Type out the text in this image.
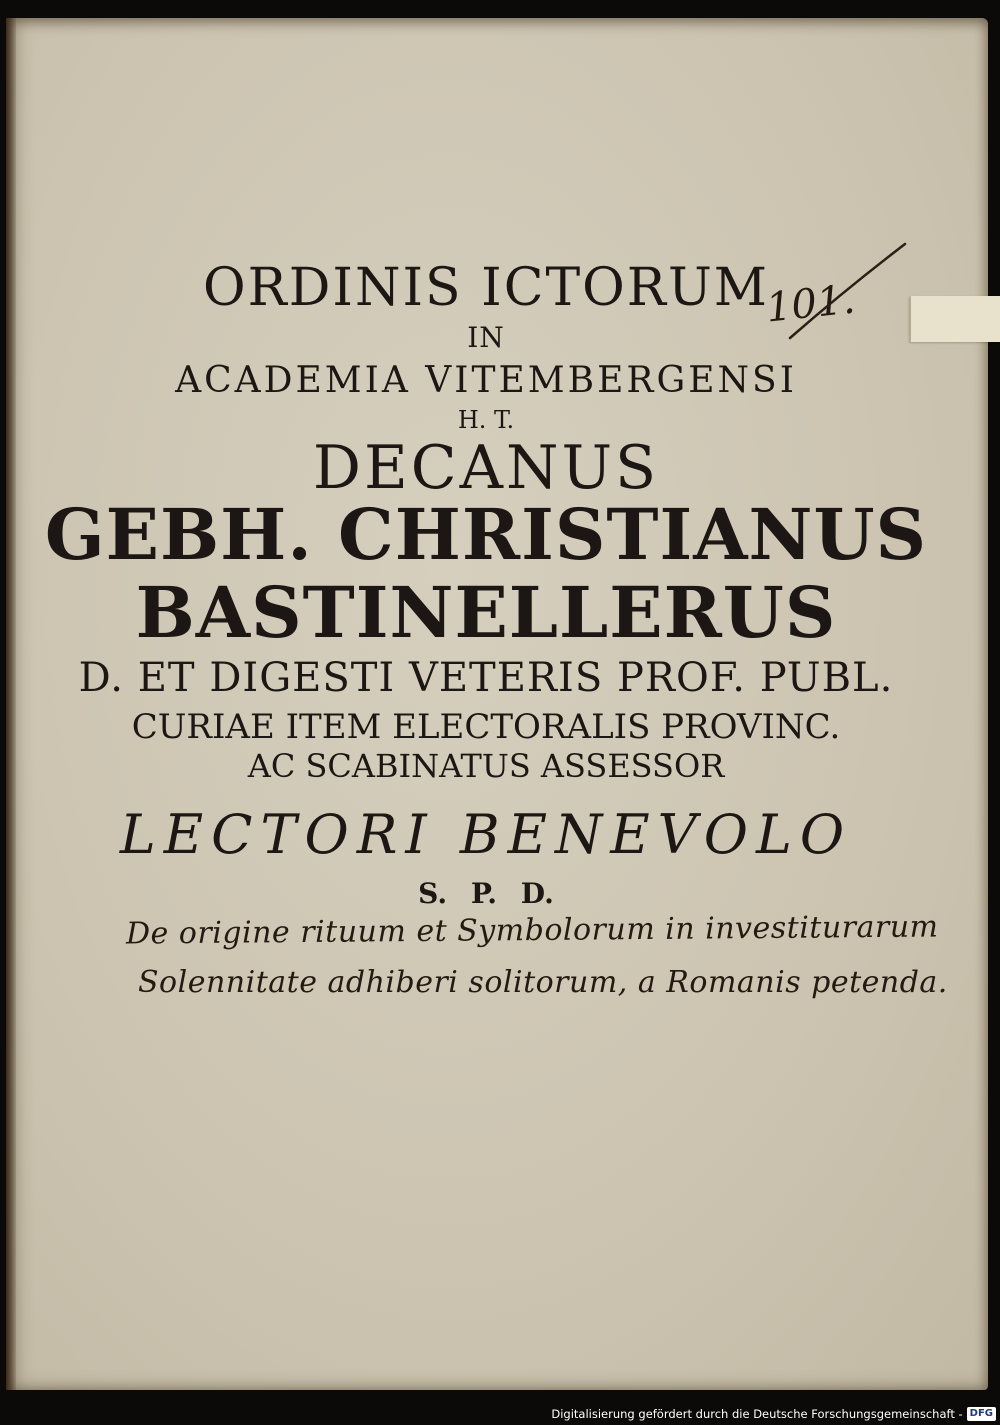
ORDINIS ICTORUM

IN

ACADEMIA VITEMBERGENSI

H. T.

DECANUS

GEBH. CHRISTIANUS

BASTINELLERUS

D. ET DIGESTI VETERIS PROF. PUBL.

CURIAE ITEM ELECTORALIS PROVINC.

AC SCABINATUS ASSESSOR

LECTORI BENEVOLO

S. P. D.

101.

De origine rituum et Symbolorum in investiturarum

Solennitate adhiberi solitorum, a Romanis petenda.

Digitalisierung gefördert durch die Deutsche Forschungsgemeinschaft - DFG
